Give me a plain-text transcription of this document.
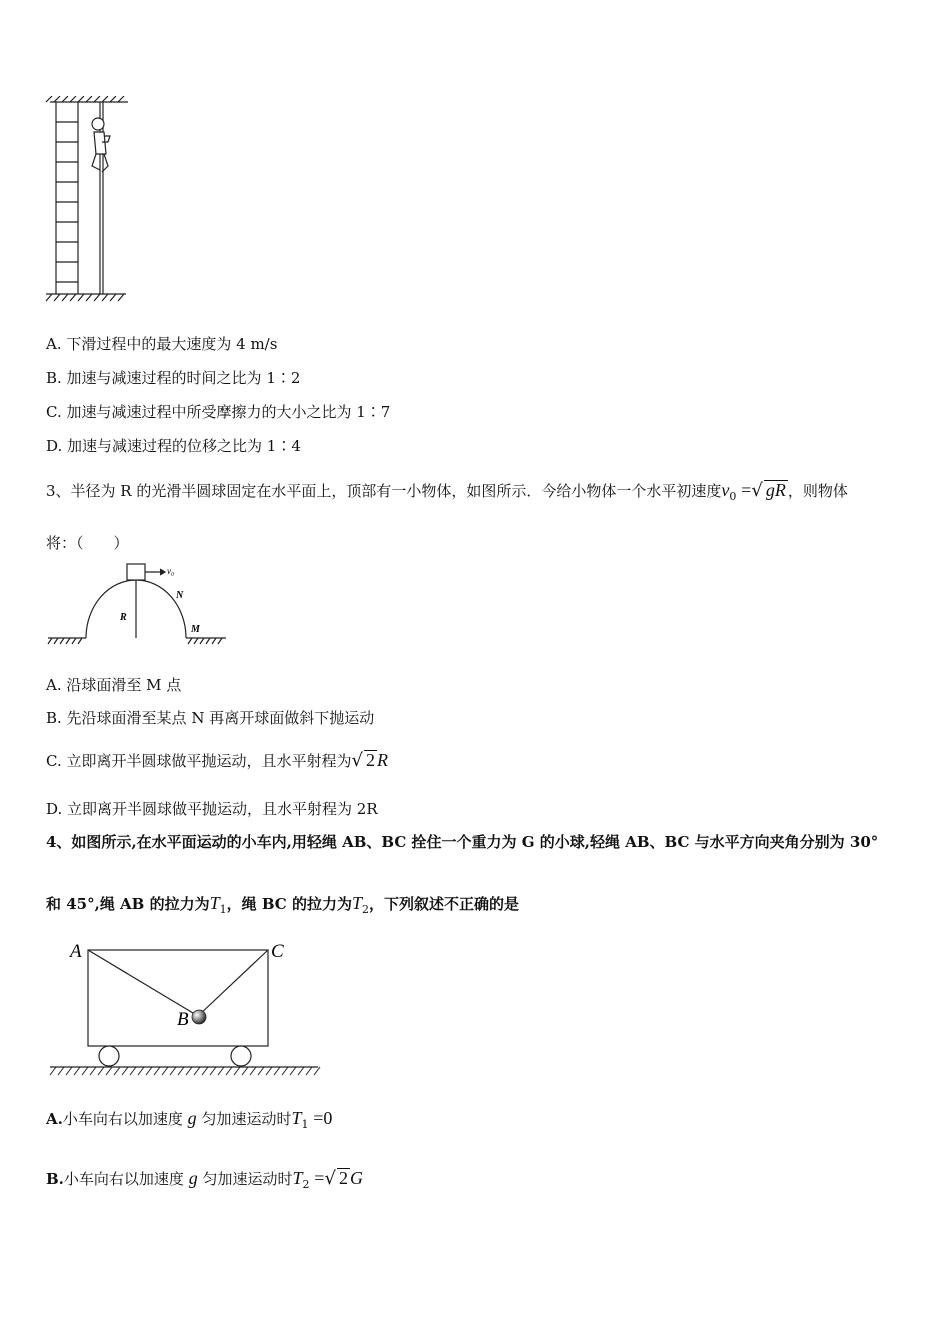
A. 下滑过程中的最大速度为 4 m/s
B. 加速与减速过程的时间之比为 1∶2
C. 加速与减速过程中所受摩擦力的大小之比为 1∶7
D. 加速与减速过程的位移之比为 1∶4
3、半径为 R 的光滑半圆球固定在水平面上，顶部有一小物体，如图所示．今给小物体一个水平初速度$v_0$ =√ gR ，则物体
将：（　　）
v₀
R
N
M
A. 沿球面滑至 M 点
B. 先沿球面滑至某点 N 再离开球面做斜下抛运动
C. 立即离开半圆球做平抛运动，且水平射程为√ 2 R
D. 立即离开半圆球做平抛运动，且水平射程为 2R
4、如图所示,在水平面运动的小车内,用轻绳 AB、BC 拴住一个重力为 G 的小球,轻绳 AB、BC 与水平方向夹角分别为 30°
和 45°,绳 AB 的拉力为$T_1$，绳 BC 的拉力为$T_2$，下列叙述不正确的是
A
B
C
A.小车向右以加速度 g 匀加速运动时$T_1 =0$
B.小车向右以加速度 g 匀加速运动时$T_2$ =√ 2 G
